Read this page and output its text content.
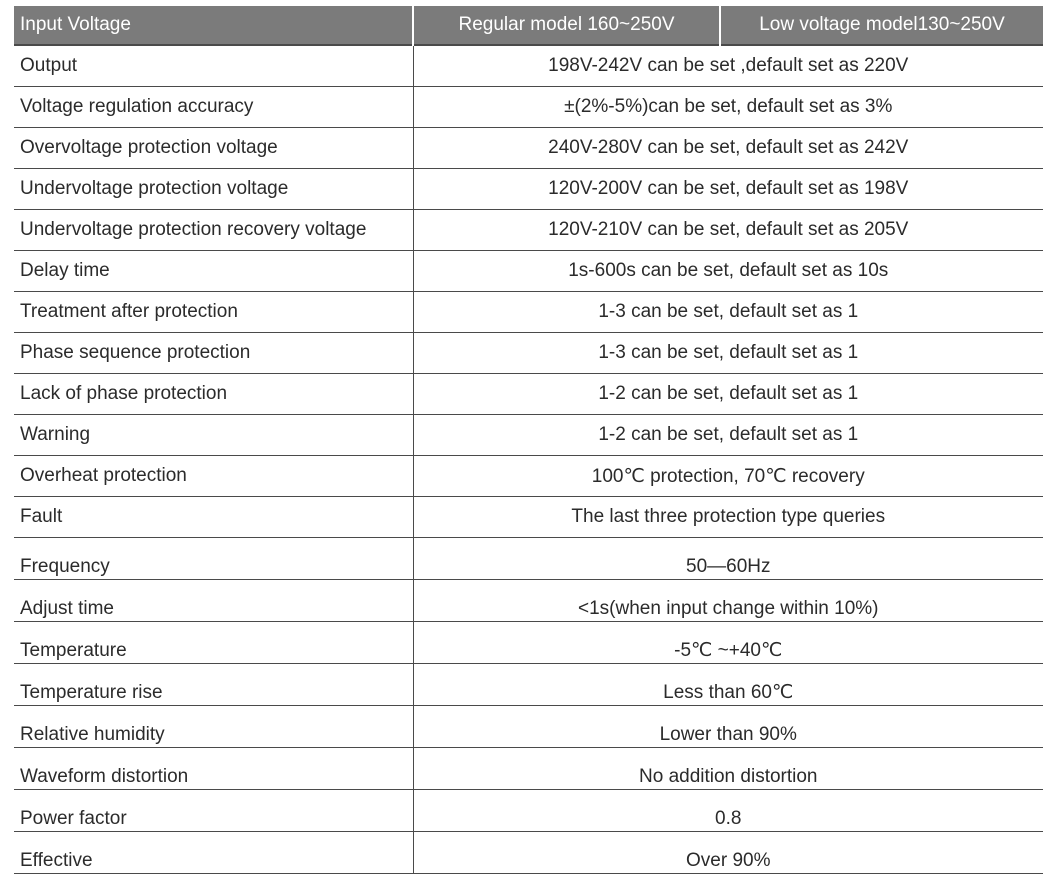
Input Voltage	Regular model 160~250V	Low voltage model130~250V
Output	198V-242V can be set ,default set as 220V	
Voltage regulation accuracy	±(2%-5%)can be set, default set as 3%	
Overvoltage protection voltage	240V-280V can be set, default set as 242V	
Undervoltage protection voltage	120V-200V can be set, default set as 198V	
Undervoltage protection recovery voltage	120V-210V can be set, default set as 205V	
Delay time	1s-600s can be set, default set as 10s	
Treatment after protection	1-3 can be set, default set as 1	
Phase sequence protection	1-3 can be set, default set as 1	
Lack of phase protection	1-2 can be set, default set as 1	
Warning	1-2 can be set, default set as 1	
Overheat protection	100℃ protection, 70℃ recovery	
Fault	The last three protection type queries	
Frequency	50—60Hz	
Adjust time	<1s(when input change within 10%)	
Temperature	-5℃ ~+40℃	
Temperature rise	Less than 60℃	
Relative humidity	Lower than 90%	
Waveform distortion	No addition distortion	
Power factor	0.8	
Effective	Over 90%	
